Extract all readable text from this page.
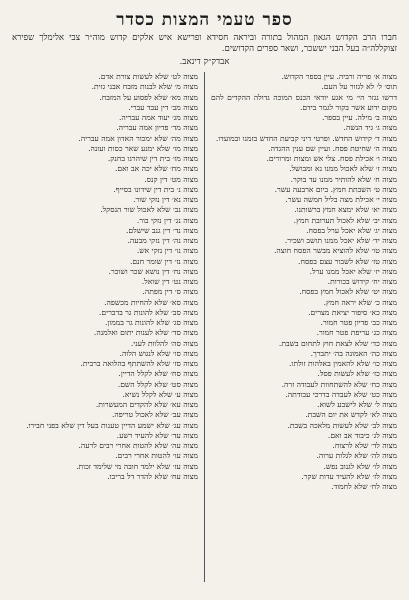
ספר טעמי המצות כסדר
חברו הרב הקדוש הגאון המהול בתורה וביראה חסידא ופרישא איש אלקים קדוש מוה״ר צבי אלימלך שפירא זצוקללה״ה בעל הבני יששכר, ושאר ספרים הקדושים.
אבדק״ק דינאב.

מצוה א׳ פריה ורביה. עיין בספר הקדוש.

תוס׳ ל׳ לא לגזור על העם.

דרשו נגזר הי׳ מי אגע יודאי הכנס המוכה גדולה ההקדים להם מקום ידוע אשר בקור לגמר בידם.

מצוה ב׳ מילה. עיין בספר.

מצוה ג׳ גיד הנשה.

מצוה ד׳ קידוש החדש. ופרטי דיני קביעת החדש בזמנו ובמועדו.

מצוה ה׳ שחיטת פסח. ועיין שם ענין ההגדה.

מצוה ו׳ אכילת פסח. צלי אש ומצות ומרורים.

מצוה ז׳ שלא לאכול ממנו נא ומבושל.

מצוה ח׳ שלא להותיר ממנו עד בוקר.

מצוה ט׳ השבתת חמץ. ביום ארבעה עשר.

מצוה י׳ אכילת מצה בליל חמשה עשר.

מצוה יא׳ שלא ימצא חמץ ברשותנו.

מצוה יב׳ שלא לאכול תערובת חמץ.

מצוה יג׳ שלא יאכל ערל בפסח.

מצוה יד׳ שלא יאכל ממנו תושב ושכיר.

מצוה טו׳ שלא להוציא מבשר הפסח חוצה.

מצוה טז׳ שלא לשבור עצם בפסח.

מצוה יז׳ שלא יאכל ממנו ערל.

מצוה יח׳ קידוש בכורות.

מצוה יט׳ שלא לאכול חמץ בפסח.

מצוה כ׳ שלא יראה חמץ.

מצוה כא׳ סיפור יציאת מצרים.

מצוה כב׳ פדיון פטר חמור.

מצוה כג׳ עריפת פטר חמור.

מצוה כד׳ שלא לצאת חוץ לתחום בשבת.

מצוה כה׳ האמונה בה׳ יתברך.

מצוה כו׳ שלא להאמין באלהות זולתו.

מצוה כז׳ שלא לעשות פסל.

מצוה כח׳ שלא להשתחוות לעבודה זרה.

מצוה כט׳ שלא לעבדה בדרכי עבודתה.

מצוה ל׳ שלא לישבע לשוא.

מצוה לא׳ לקדש את יום השבת.

מצוה לב׳ שלא לעשות מלאכה בשבת.

מצוה לג׳ כיבוד אב ואם.

מצוה לד׳ שלא לרצוח.

מצוה לה׳ שלא לגלות ערוה.

מצוה לו׳ שלא לגנוב נפש.

מצוה לז׳ שלא להעיד עדות שקר.

מצוה לח׳ שלא לחמוד.

מצוה לט׳ שלא לעשות צורת אדם.

מצוה מ׳ שלא לבנות מזבח אבני גזית.

מצוה מא׳ שלא לפסוע על המזבח.

מצוה מב׳ דין עבד עברי.

מצוה מג׳ יעוד אמה עבריה.

מצוה מד׳ פדיון אמה עבריה.

מצוה מה׳ שלא ימכור האדון אמה עבריה.

מצוה מו׳ שלא ימנע שאר כסות ועונה.

מצוה מז׳ בית דין שיהרגו בחנק.

מצוה מח׳ שלא יכה אב ואם.

מצוה מט׳ דין קנס.

מצוה נ׳ בית דין שידונו בסייף.

מצוה נא׳ דין נזקי שור.

מצוה נב׳ שלא לאכול שור הנסקל.

מצוה נג׳ דין נזקי בור.

מצוה נד׳ דין גנב שישלם.

מצוה נה׳ דין נזקי מבעה.

מצוה נו׳ דין נזקי אש.

מצוה נז׳ דין שומר חנם.

מצוה נח׳ דין נושא שכר ושוכר.

מצוה נט׳ דין שואל.

מצוה ס׳ דין מפתה.

מצוה סא׳ שלא להחיות מכשפה.

מצוה סב׳ שלא להונות גר בדברים.

מצוה סג׳ שלא להונות גר בממון.

מצוה סד׳ שלא לענות יתום ואלמנה.

מצוה סה׳ להלוות לעני.

מצוה סו׳ שלא לנגוש הלוה.

מצוה סז׳ שלא להשתתף בהלואה ברבית.

מצוה סח׳ שלא לקלל הדיין.

מצוה סט׳ שלא לקלל השם.

מצוה ע׳ שלא לקלל נשיא.

מצוה עא׳ שלא להקדים המעשרות.

מצוה עב׳ שלא לאכול טריפה.

מצוה עג׳ שלא ישמע הדיין טענות בעל דין שלא בפני חבירו.

מצוה עד׳ שלא להעיד רשע.

מצוה עה׳ שלא להטות אחרי רבים לרעה.

מצוה עו׳ להטות אחרי רבים.

מצוה עז׳ שלא ילמד חובה מי שלימד זכות.

מצוה עח׳ שלא להדר דל בריבו.
